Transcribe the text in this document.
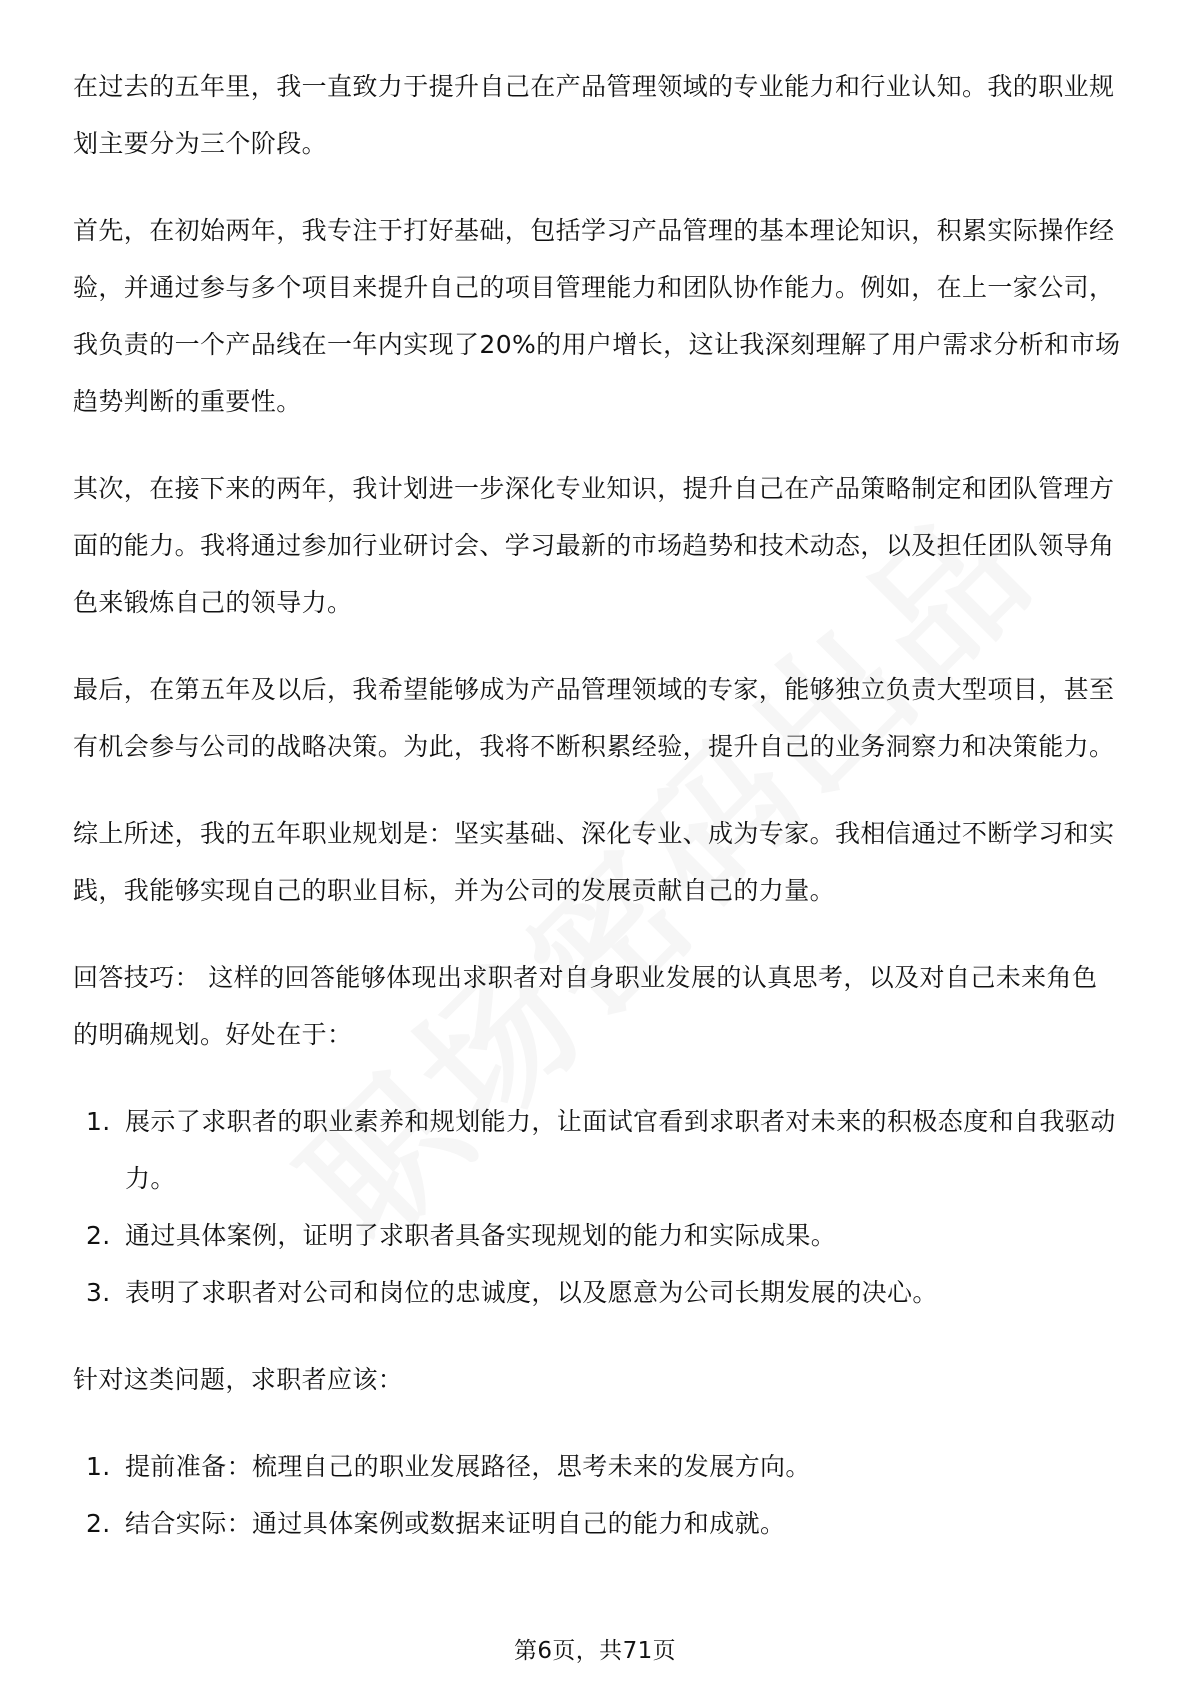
在过去的五年里，我一直致力于提升自己在产品管理领域的专业能力和行业认知。我的职业规划主要分为三个阶段。

首先，在初始两年，我专注于打好基础，包括学习产品管理的基本理论知识，积累实际操作经验，并通过参与多个项目来提升自己的项目管理能力和团队协作能力。例如，在上一家公司，我负责的一个产品线在一年内实现了20%的用户增长，这让我深刻理解了用户需求分析和市场趋势判断的重要性。

其次，在接下来的两年，我计划进一步深化专业知识，提升自己在产品策略制定和团队管理方面的能力。我将通过参加行业研讨会、学习最新的市场趋势和技术动态，以及担任团队领导角色来锻炼自己的领导力。

最后，在第五年及以后，我希望能够成为产品管理领域的专家，能够独立负责大型项目，甚至有机会参与公司的战略决策。为此，我将不断积累经验，提升自己的业务洞察力和决策能力。

综上所述，我的五年职业规划是：坚实基础、深化专业、成为专家。我相信通过不断学习和实践，我能够实现自己的职业目标，并为公司的发展贡献自己的力量。

回答技巧： 这样的回答能够体现出求职者对自身职业发展的认真思考，以及对自己未来角色的明确规划。好处在于：

1. 展示了求职者的职业素养和规划能力，让面试官看到求职者对未来的积极态度和自我驱动力。
2. 通过具体案例，证明了求职者具备实现规划的能力和实际成果。
3. 表明了求职者对公司和岗位的忠诚度，以及愿意为公司长期发展的决心。

针对这类问题，求职者应该：

1. 提前准备：梳理自己的职业发展路径，思考未来的发展方向。
2. 结合实际：通过具体案例或数据来证明自己的能力和成就。
第6页，共71页
